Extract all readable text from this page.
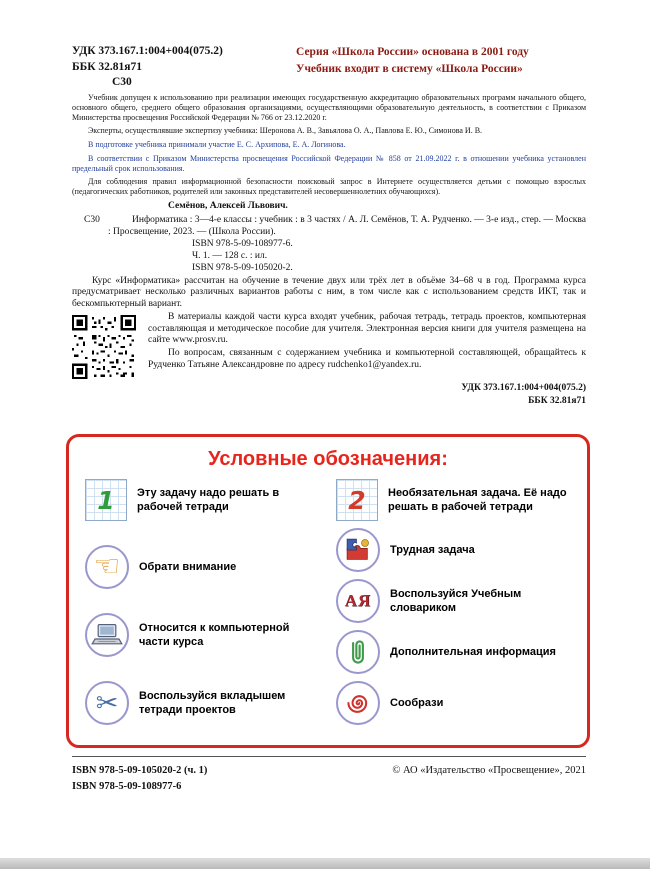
УДК 373.167.1:004+004(075.2)
ББК 32.81я71
С30
Серия «Школа России» основана в 2001 году
Учебник входит в систему «Школа России»

Учебник допущен к использованию при реализации имеющих государственную аккредитацию образовательных программ начального общего, основного общего, среднего общего образования организациями, осуществляющими образовательную деятельность, в соответствии с Приказом Министерства просвещения Российской Федерации № 766 от 23.12.2020 г.

Эксперты, осуществлявшие экспертизу учебника: Шеронова А. В., Завьялова О. А., Павлова Е. Ю., Симонова И. В.

В подготовке учебника принимали участие Е. С. Архипова, Е. А. Логинова.

В соответствии с Приказом Министерства просвещения Российской Федерации № 858 от 21.09.2022 г. в отношении учебника установлен предельный срок использования.

Для соблюдения правил информационной безопасности поисковый запрос в Интернете осуществляется детьми с помощью взрослых (педагогических работников, родителей или законных представителей несовершеннолетних обучающихся).

Семёнов, Алексей Львович.

С30	Информатика : 3—4-е классы : учебник : в 3 частях / А. Л. Семёнов, Т. А. Рудченко. — 3-е изд., стер. — Москва : Просвещение, 2023. — (Школа России).

ISBN 978-5-09-108977-6.

Ч. 1. — 128 с. : ил.

ISBN 978-5-09-105020-2.

Курс «Информатика» рассчитан на обучение в течение двух или трёх лет в объёме 34–68 ч в год. Программа курса предусматривает несколько различных вариантов работы с ним, в том числе как с использованием средств ИКТ, так и бескомпьютерный вариант.

В материалы каждой части курса входят учебник, рабочая тетрадь, тетрадь проектов, компьютерная составляющая и методическое пособие для учителя. Электронная версия книги для учителя размещена на сайте www.prosv.ru.

По вопросам, связанным с содержанием учебника и компьютерной составляющей, обращайтесь к Рудченко Татьяне Александровне по адресу rudchenko1@yandex.ru.

УДК 373.167.1:004+004(075.2)
ББК 32.81я71
Условные обозначения:
1 Эту задачу надо решать в рабочей тетради

☜ Обрати внимание

Относится к компьютерной части курса

✂ Воспользуйся вкладышем тетради проектов

2 Необязательная задача. Её надо решать в рабочей тетради

Трудная задача

АЯ Воспользуйся Учебным словариком

Дополнительная информация

Сообрази

ISBN 978-5-09-105020-2 (ч. 1)
ISBN 978-5-09-108977-6
© АО «Издательство «Просвещение», 2021
